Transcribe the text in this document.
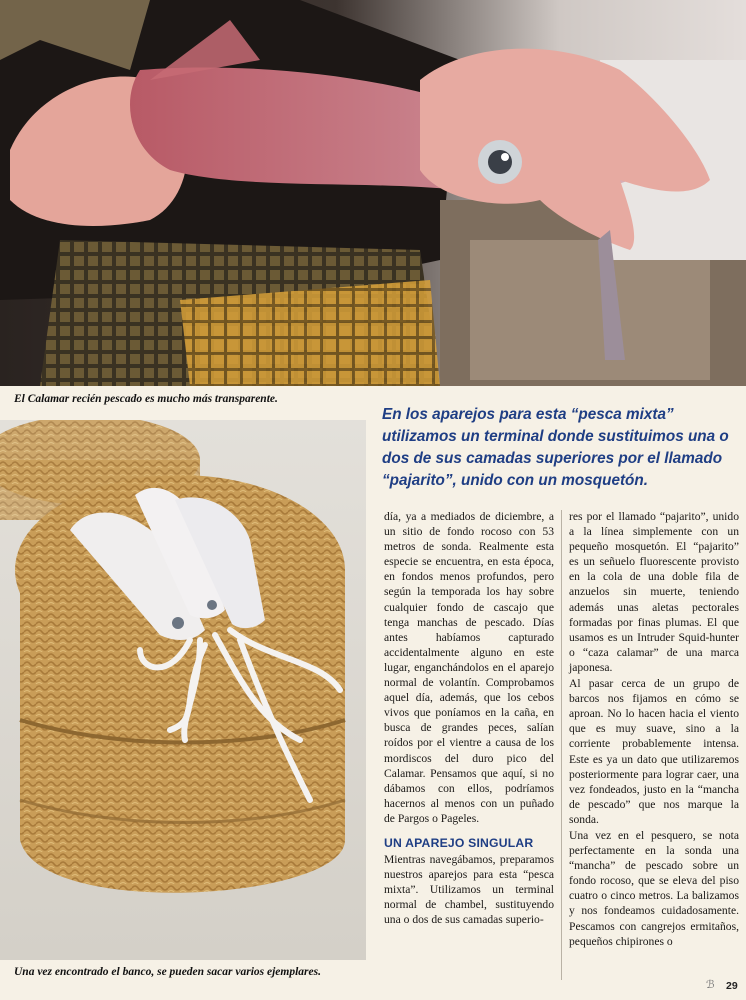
El Calamar recién pescado es mucho más transparente.
En los aparejos para esta “pesca mixta” utilizamos un terminal donde sustituimos una o dos de sus camadas superiores por el llamado “pajarito”, unido con un mosquetón.
Una vez encontrado el banco, se pueden sacar varios ejemplares.

día, ya a mediados de diciembre, a un sitio de fondo rocoso con 53 metros de sonda. Realmente esta especie se encuentra, en esta época, en fondos menos profundos, pero según la temporada los hay sobre cualquier fondo de cascajo que tenga manchas de pescado. Días antes habíamos capturado accidentalmente alguno en este lugar, enganchándolos en el aparejo normal de volantín. Comprobamos aquel día, además, que los cebos vivos que poníamos en la caña, en busca de grandes peces, salían roídos por el vientre a causa de los mordiscos del duro pico del Calamar. Pensamos que aquí, si no dábamos con ellos, podríamos hacernos al menos con un puñado de Pargos o Pageles.

UN APAREJO SINGULAR

Mientras navegábamos, preparamos nuestros aparejos para esta “pesca mixta”. Utilizamos un terminal normal de chambel, sustituyendo una o dos de sus camadas superio-

res por el llamado “pajarito”, unido a la línea simplemente con un pequeño mosquetón. El “pajarito” es un señuelo fluorescente provisto en la cola de una doble fila de anzuelos sin muerte, teniendo además unas aletas pectorales formadas por finas plumas. El que usamos es un Intruder Squid-hunter o “caza calamar” de una marca japonesa.

Al pasar cerca de un grupo de barcos nos fijamos en cómo se aproan. No lo hacen hacia el viento que es muy suave, sino a la corriente probablemente intensa. Este es ya un dato que utilizaremos posteriormente para lograr caer, una vez fondeados, justo en la “mancha de pescado” que nos marque la sonda.

Una vez en el pesquero, se nota perfectamente en la sonda una “mancha” de pescado sobre un fondo rocoso, que se eleva del piso cuatro o cinco metros. La balizamos y nos fondeamos cuidadosamente. Pescamos con cangrejos ermitaños, pequeños chipirones o

ℬ 29
